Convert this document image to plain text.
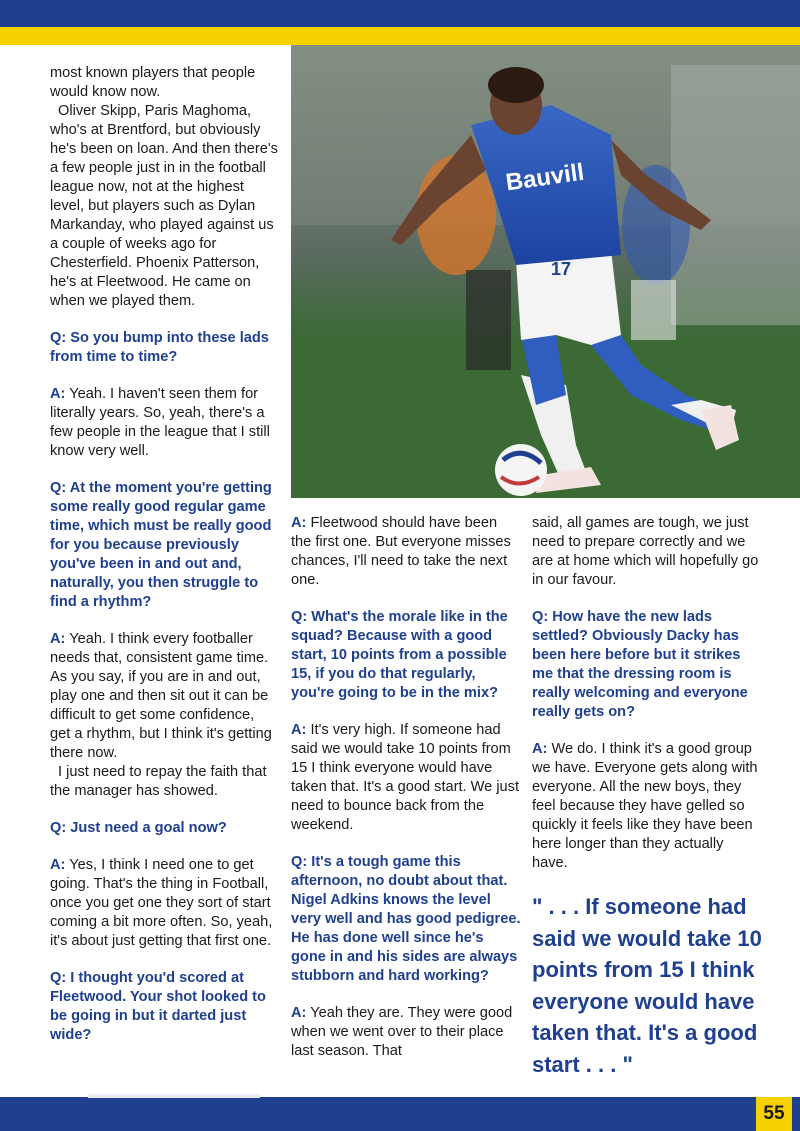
Bauvill
17

most known players that people would know now.

Oliver Skipp, Paris Maghoma, who's at Brentford, but obviously he's been on loan. And then there's a few people just in in the football league now, not at the highest level, but players such as Dylan Markanday, who played against us a couple of weeks ago for Chesterfield. Phoenix Patterson, he's at Fleetwood. He came on when we played them.

Q: So you bump into these lads from time to time?

A: Yeah. I haven't seen them for literally years. So, yeah, there's a few people in the league that I still know very well.

Q: At the moment you're getting some really good regular game time, which must be really good for you because previously you've been in and out and, naturally, you then struggle to find a rhythm?

A: Yeah. I think every footballer needs that, consistent game time. As you say, if you are in and out, play one and then sit out it can be difficult to get some confidence, get a rhythm, but I think it's getting there now.

I just need to repay the faith that the manager has showed.

Q: Just need a goal now?

A: Yes, I think I need one to get going. That's the thing in Football, once you get one they sort of start coming a bit more often. So, yeah, it's about just getting that first one.

Q: I thought you'd scored at Fleetwood. Your shot looked to be going in but it darted just wide?

A: Fleetwood should have been the first one. But everyone misses chances, I'll need to take the next one.

Q: What's the morale like in the squad? Because with a good start, 10 points from a possible 15, if you do that regularly, you're going to be in the mix?

A: It's very high. If someone had said we would take 10 points from 15 I think everyone would have taken that. It's a good start. We just need to bounce back from the weekend.

Q: It's a tough game this afternoon, no doubt about that. Nigel Adkins knows the level very well and has good pedigree. He has done well since he's gone in and his sides are always stubborn and hard working?

A: Yeah they are. They were good when we went over to their place last season. That

said, all games are tough, we just need to prepare correctly and we are at home which will hopefully go in our favour.

Q: How have the new lads settled? Obviously Dacky has been here before but it strikes me that the dressing room is really welcoming and everyone really gets on?

A: We do. I think it's a good group we have. Everyone gets along with everyone. All the new boys, they feel because they have gelled so quickly it feels like they have been here longer than they actually have.

" . . . If someone had said we would take 10 points from 15 I think everyone would have taken that. It's a good start . . . "
55
